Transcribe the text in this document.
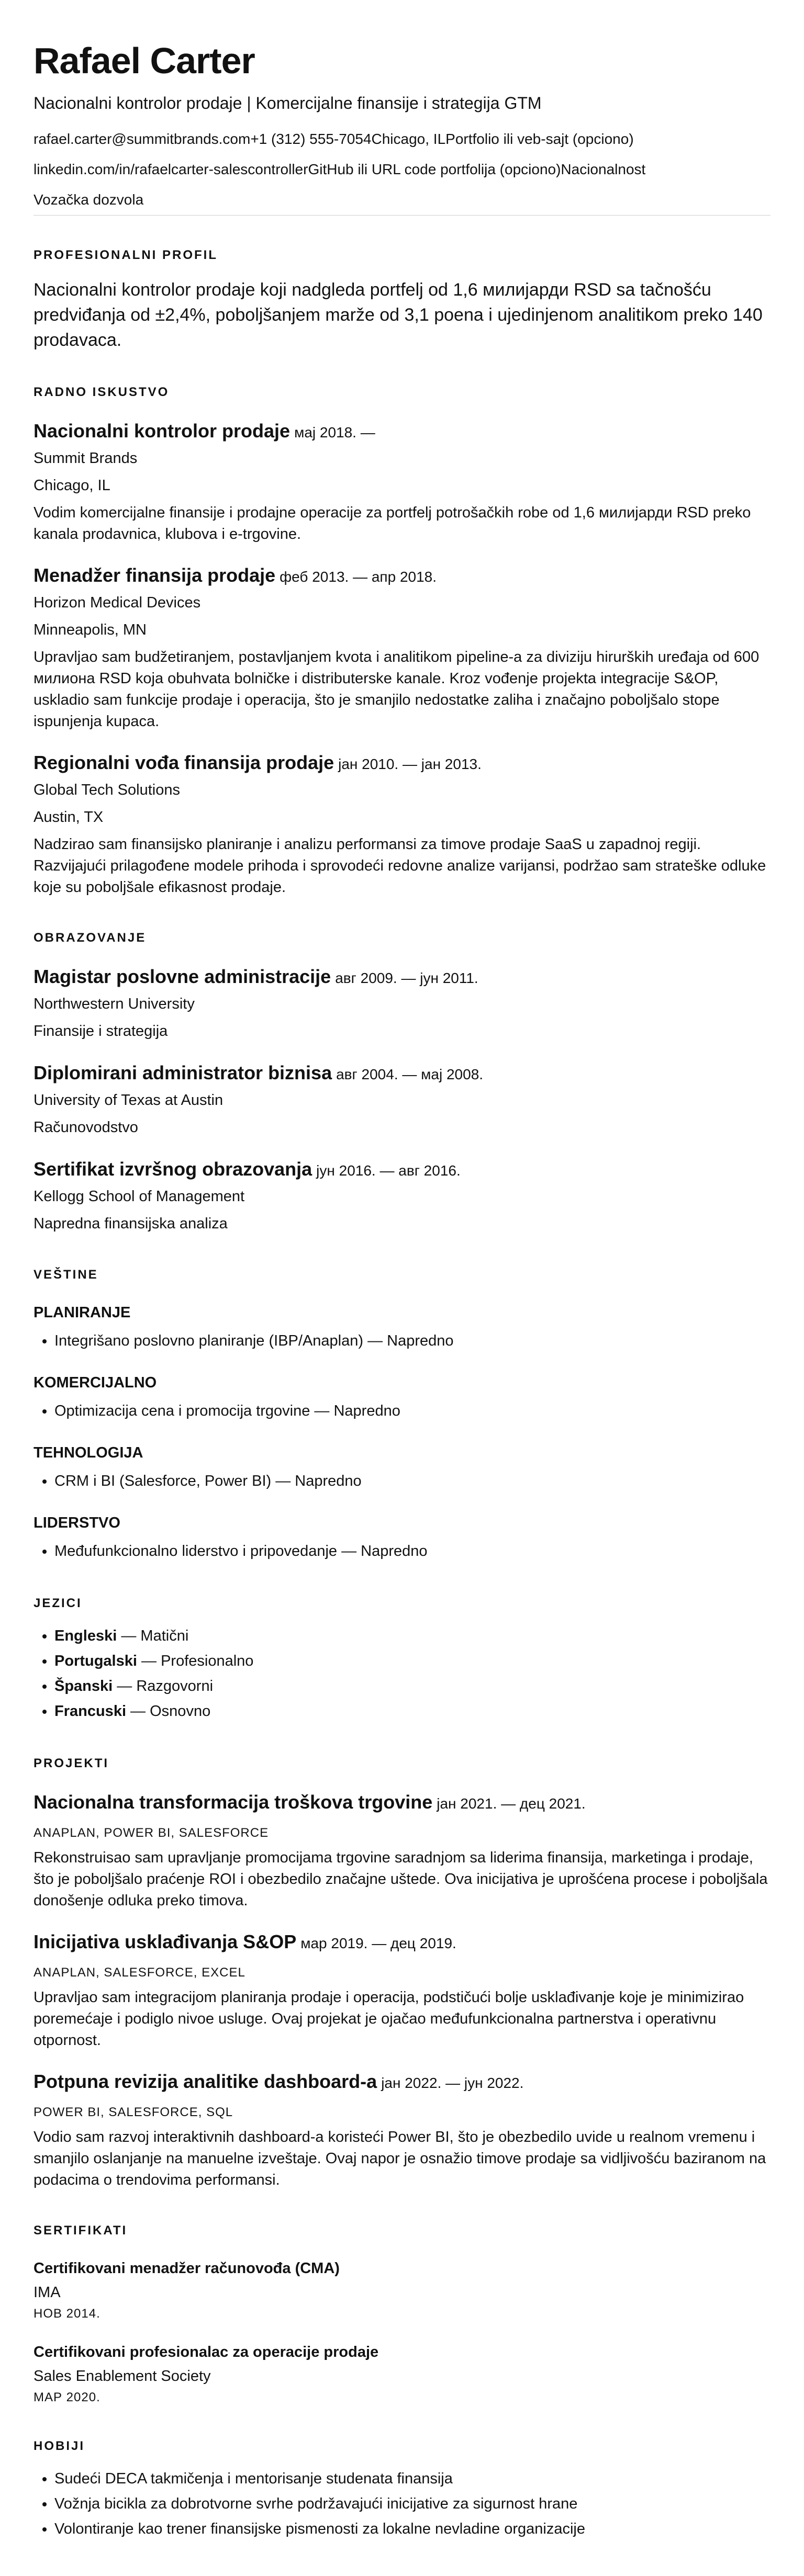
Rafael Carter
Nacionalni kontrolor prodaje | Komercijalne finansije i strategija GTM
rafael.carter@summitbrands.com +1 (312) 555-7054 Chicago, IL Portfolio ili veb-sajt (opciono)
linkedin.com/in/rafaelcarter-salescontroller GitHub ili URL code portfolija (opciono) Nacionalnost
Vozačka dozvola
PROFESIONALNI PROFIL
Nacionalni kontrolor prodaje koji nadgleda portfelj od 1,6 милијарди RSD sa tačnošću predviđanja od ±2,4%, poboljšanjem marže od 3,1 poena i ujedinjenom analitikom preko 140 prodavaca.
RADNO ISKUSTVO
Nacionalni kontrolor prodaje мај 2018. —
Summit Brands
Chicago, IL
Vodim komercijalne finansije i prodajne operacije za portfelj potrošačkih robe od 1,6 милијарди RSD preko kanala prodavnica, klubova i e-trgovine.
Menadžer finansija prodaje феб 2013. — апр 2018.
Horizon Medical Devices
Minneapolis, MN
Upravljao sam budžetiranjem, postavljanjem kvota i analitikom pipeline-a za diviziju hirurških uređaja od 600 милиона RSD koja obuhvata bolničke i distributerske kanale. Kroz vođenje projekta integracije S&OP, uskladio sam funkcije prodaje i operacija, što je smanjilo nedostatke zaliha i značajno poboljšalo stope ispunjenja kupaca.
Regionalni vođa finansija prodaje јан 2010. — јан 2013.
Global Tech Solutions
Austin, TX
Nadzirao sam finansijsko planiranje i analizu performansi za timove prodaje SaaS u zapadnoj regiji. Razvijajući prilagođene modele prihoda i sprovodeći redovne analize varijansi, podržao sam strateške odluke koje su poboljšale efikasnost prodaje.
OBRAZOVANJE
Magistar poslovne administracije авг 2009. — јун 2011.
Northwestern University
Finansije i strategija
Diplomirani administrator biznisa авг 2004. — мај 2008.
University of Texas at Austin
Računovodstvo
Sertifikat izvršnog obrazovanja јун 2016. — авг 2016.
Kellogg School of Management
Napredna finansijska analiza
VEŠTINE
PLANIRANJE
• Integrišano poslovno planiranje (IBP/Anaplan) — Napredno
KOMERCIJALNO
• Optimizacija cena i promocija trgovine — Napredno
TEHNOLOGIJA
• CRM i BI (Salesforce, Power BI) — Napredno
LIDERSTVO
• Međufunkcionalno liderstvo i pripovedanje — Napredno
JEZICI
• Engleski — Matični
• Portugalski — Profesionalno
• Španski — Razgovorni
• Francuski — Osnovno
PROJEKTI
Nacionalna transformacija troškova trgovine јан 2021. — дец 2021.
ANAPLAN, POWER BI, SALESFORCE
Rekonstruisao sam upravljanje promocijama trgovine saradnjom sa liderima finansija, marketinga i prodaje, što je poboljšalo praćenje ROI i obezbedilo značajne uštede. Ova inicijativa je uprošćena procese i poboljšala donošenje odluka preko timova.
Inicijativa usklađivanja S&OP мар 2019. — дец 2019.
ANAPLAN, SALESFORCE, EXCEL
Upravljao sam integracijom planiranja prodaje i operacija, podstičući bolje usklađivanje koje je minimizirao poremećaje i podiglo nivoe usluge. Ovaj projekat je ojačao međufunkcionalna partnerstva i operativnu otpornost.
Potpuna revizija analitike dashboard-a јан 2022. — јун 2022.
POWER BI, SALESFORCE, SQL
Vodio sam razvoj interaktivnih dashboard-a koristeći Power BI, što je obezbedilo uvide u realnom vremenu i smanjilo oslanjanje na manuelne izveštaje. Ovaj napor je osnažio timove prodaje sa vidljivošću baziranom na podacima o trendovima performansi.
SERTIFIKATI
Certifikovani menadžer računovođa (CMA)
IMA
НОВ 2014.
Certifikovani profesionalac za operacije prodaje
Sales Enablement Society
МАР 2020.
HOBIJI
• Sudeći DECA takmičenja i mentorisanje studenata finansija
• Vožnja bicikla za dobrotvorne svrhe podržavajući inicijative za sigurnost hrane
• Volontiranje kao trener finansijske pismenosti za lokalne nevladine organizacije
